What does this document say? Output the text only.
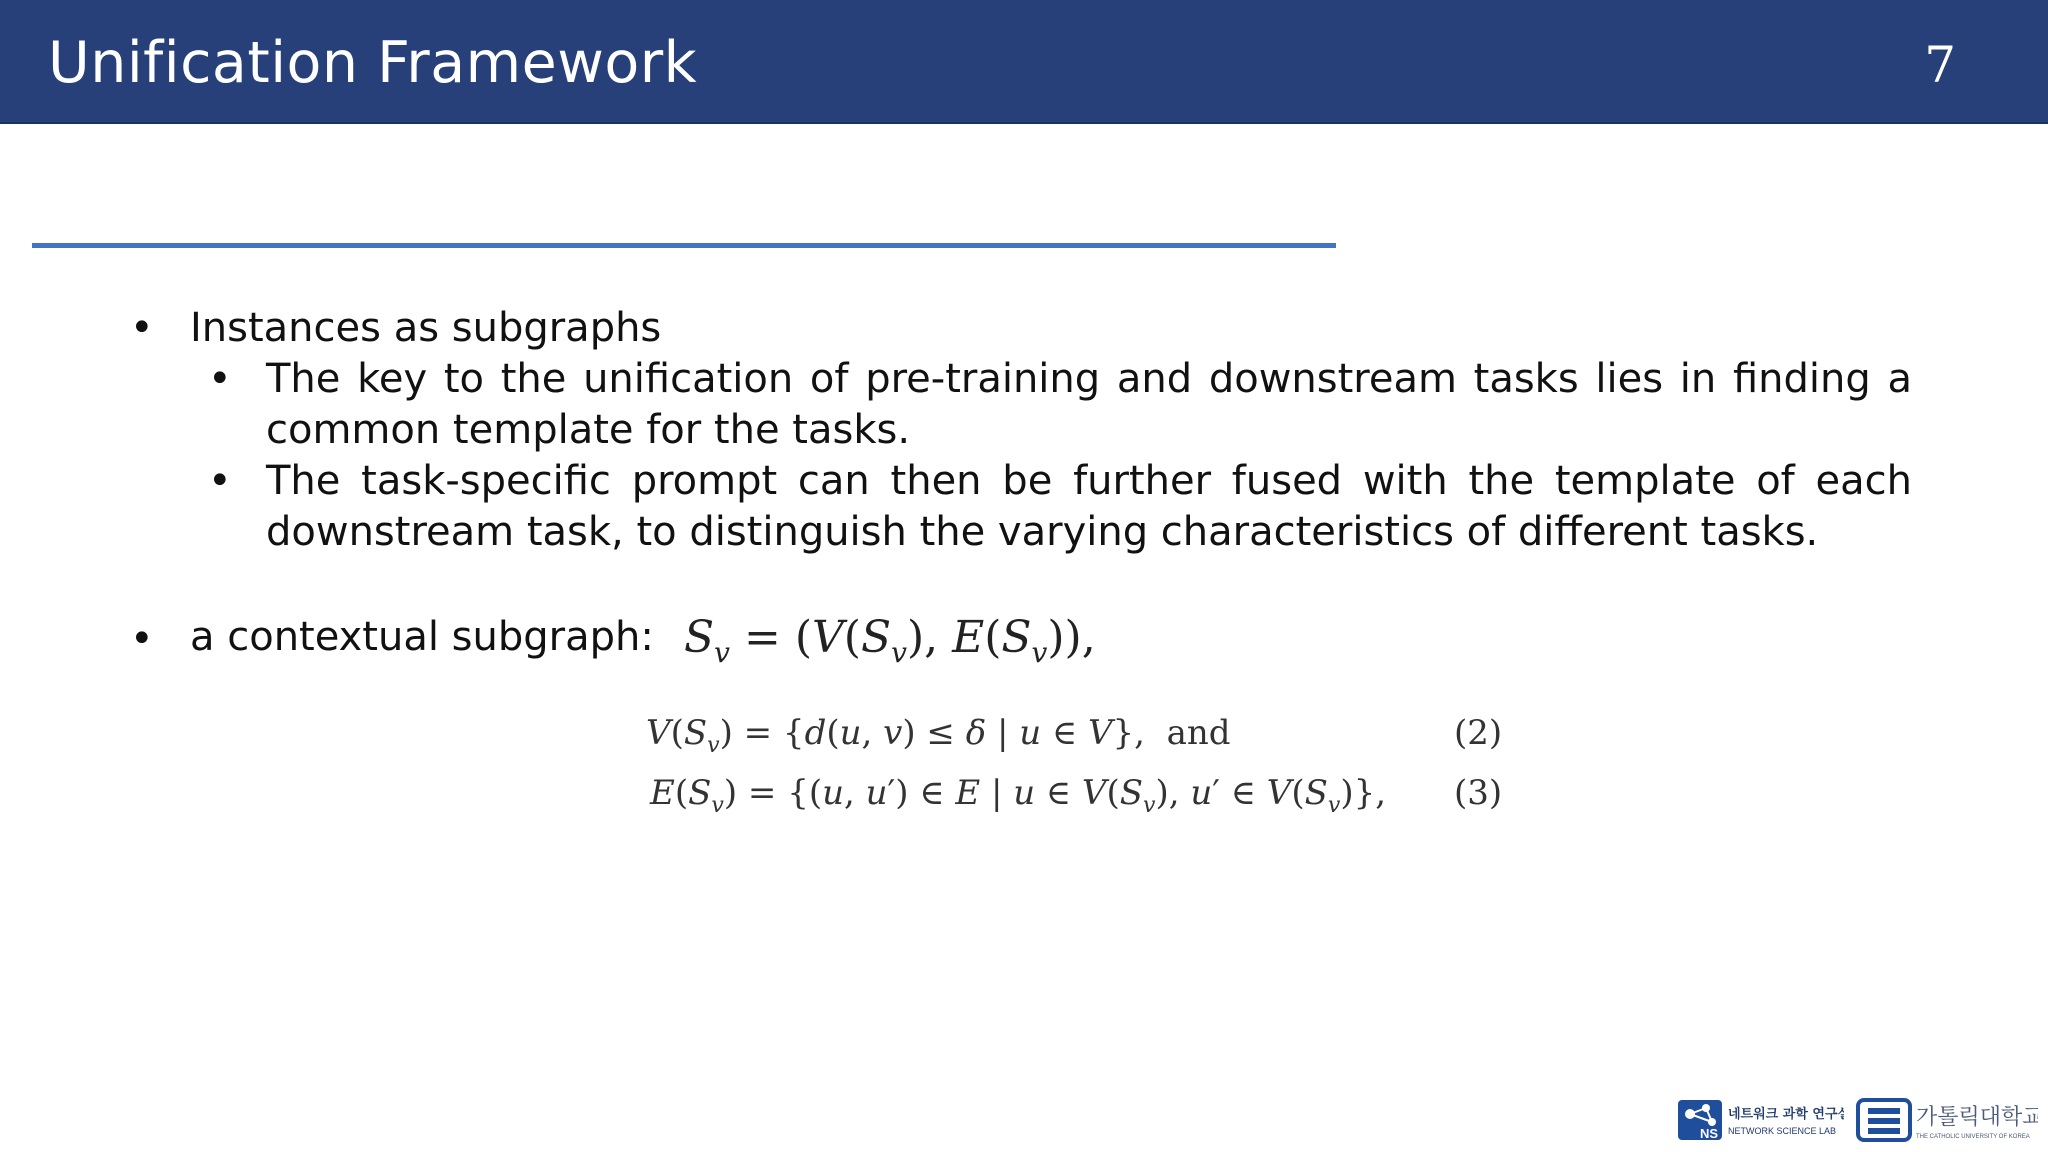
Unification Framework	7
• Instances as subgraphs
• The key to the unification of pre-training and downstream tasks lies in finding a common template for the tasks.
• The task-specific prompt can then be further fused with the template of each downstream task, to distinguish the varying characteristics of different tasks.
• a contextual subgraph: $S_v = (V(S_v)$, $E(S_v)$),
$V(S_v) = \{d(u$, v) ≤ δ | u ∈ V},  and	(2)
$E(S_v) = \{(u$, u′) ∈ E | u ∈ $V(S_v)$, u′ ∈ $V(S_v)$}, (3)
NS
네트워크 과학 연구실
NETWORK SCIENCE LAB
가톨릭대학교
THE CATHOLIC UNIVERSITY OF KOREA
